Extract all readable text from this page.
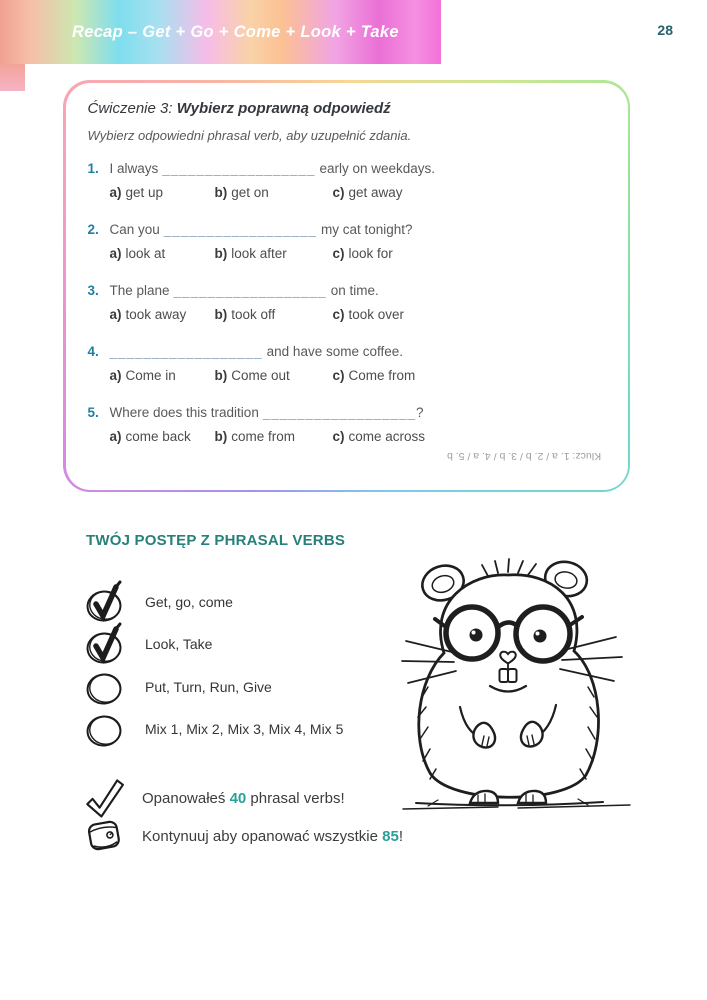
Recap – Get + Go + Come + Look + Take	28
Ćwiczenie 3: Wybierz poprawną odpowiedź
Wybierz odpowiedni phrasal verb, aby uzupełnić zdania.
1. I always __________________ early on weekdays.
a) get up	b) get on	c) get away
2. Can you __________________ my cat tonight?
a) look at	b) look after	c) look for
3. The plane __________________ on time.
a) took away	b) took off	c) took over
4. __________________ and have some coffee.
a) Come in	b) Come out	c) Come from
5. Where does this tradition __________________?
a) come back	b) come from	c) come across
Klucz: 1. a / 2. b / 3. b / 4. a / 5. b
TWÓJ POSTĘP Z PHRASAL VERBS
Get, go, come
Look, Take
Put, Turn, Run, Give
Mix 1, Mix 2, Mix 3, Mix 4, Mix 5
Opanowałeś 40 phrasal verbs!
Kontynuuj aby opanować wszystkie 85!
